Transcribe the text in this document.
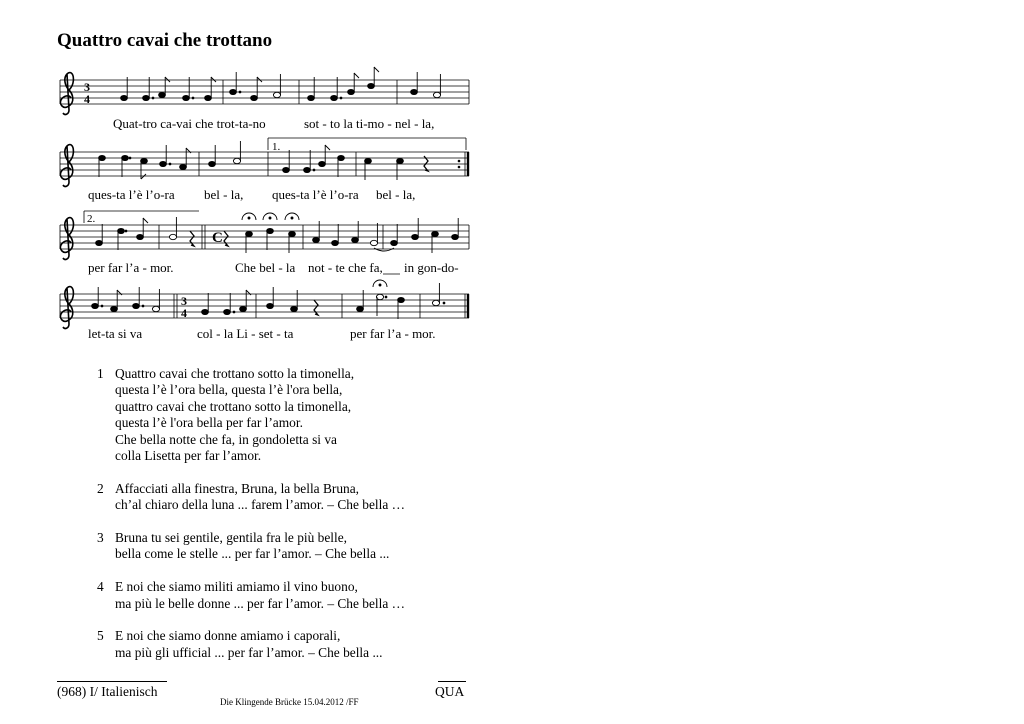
Quattro cavai che trottano
3
4
Quat-tro ca-vai che trot-ta-no	sot - to la ti-mo - nel - la,
1.
ques-ta l’è l’o-ra bel - la, ques-ta l’è l’o-ra bel - la,
2.
C
per far l’a - mor.	Che bel - la not - te che fa, in gon-do-
3
4
let-ta si va	col - la Li - set - ta	per far l’a - mor.
1 Quattro cavai che trottano sotto la timonella,
questa l’è l’ora bella, questa l’è l'ora bella,
quattro cavai che trottano sotto la timonella,
questa l’è l'ora bella per far l’amor.
Che bella notte che fa, in gondoletta si va
colla Lisetta per far l’amor.
2 Affacciati alla finestra, Bruna, la bella Bruna,
ch’al chiaro della luna ... farem l’amor. – Che bella …
3 Bruna tu sei gentile, gentila fra le più belle,
bella come le stelle ... per far l’amor. – Che bella ...
4 E noi che siamo militi amiamo il vino buono,
ma più le belle donne ... per far l’amor. – Che bella …
5 E noi che siamo donne amiamo i caporali,
ma più gli ufficial ... per far l’amor. – Che bella ...
(968) I/ Italienisch
Die Klingende Brücke 15.04.2012 /FF
QUA
